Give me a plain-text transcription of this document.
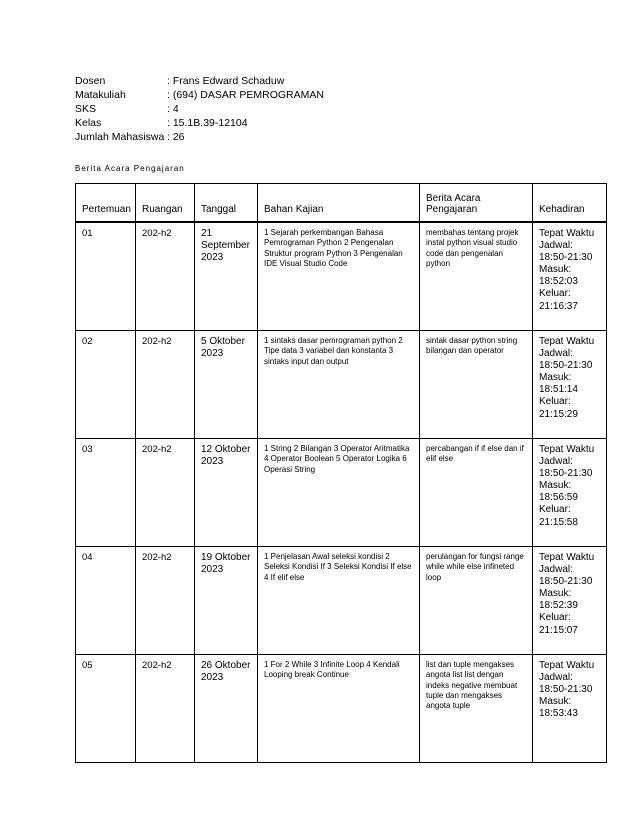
Dosen	: Frans Edward Schaduw
Matakuliah	: (694) DASAR PEMROGRAMAN
SKS	: 4
Kelas	: 15.1B.39-12104
Jumlah Mahasiswa : 26
Berita Acara Pengajaran
Pertemuan	Ruangan	Tanggal	Bahan Kajian	Berita Acara Pengajaran	Kehadiran
01	202-h2	21 September 2023	1 Sejarah perkembangan Bahasa Pemrograman Python 2 Pengenalan Struktur program Python 3 Pengenalan IDE Visual Studio Code	membahas tentang projek instal python visual studio code dan pengenalan python	Tepat Waktu Jadwal: 18:50-21:30 Masuk: 18:52:03 Keluar: 21:16:37
02	202-h2	5 Oktober 2023	1 sintaks dasar pemrograman python 2 Tipe data 3 variabel dan konstanta 3 sintaks input dan output	sintak dasar python string bilangan dan operator	Tepat Waktu Jadwal: 18:50-21:30 Masuk: 18:51:14 Keluar: 21:15:29
03	202-h2	12 Oktober 2023	1 String 2 Bilangan 3 Operator Aritmatika 4 Operator Boolean 5 Operator Logika 6 Operasi String	percabangan if if else dan if elif else	Tepat Waktu Jadwal: 18:50-21:30 Masuk: 18:56:59 Keluar: 21:15:58
04	202-h2	19 Oktober 2023	1 Penjelasan Awal seleksi kondisi 2 Seleksi Kondisi If 3 Seleksi Kondisi If else 4 If elif else	perulangan for fungsi range while while else infineted loop	Tepat Waktu Jadwal: 18:50-21:30 Masuk: 18:52:39 Keluar: 21:15:07
05	202-h2	26 Oktober 2023	1 For 2 While 3 Infinite Loop 4 Kendali Looping break Continue	list dan tuple mengakses angota list list dengan indeks negative membuat tuple dan mengakses angota tuple	Tepat Waktu Jadwal: 18:50-21:30 Masuk: 18:53:43
